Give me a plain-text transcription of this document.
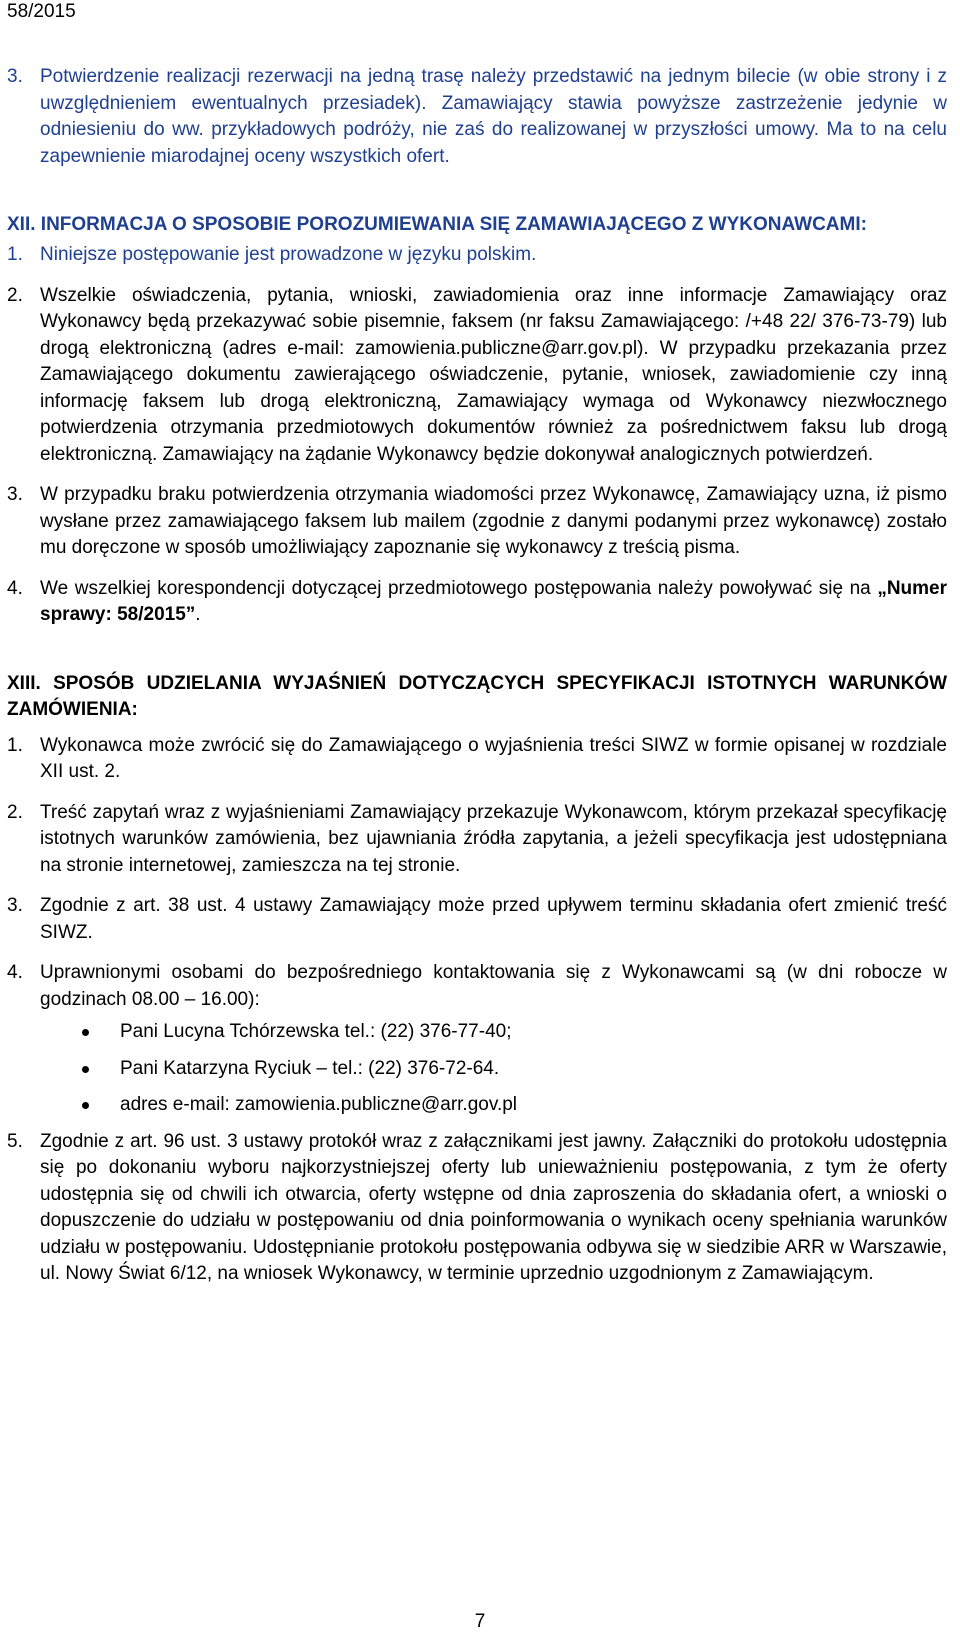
58/2015
3. Potwierdzenie realizacji rezerwacji na jedną trasę należy przedstawić na jednym bilecie (w obie strony i z uwzględnieniem ewentualnych przesiadek). Zamawiający stawia powyższe zastrzeżenie jedynie w odniesieniu do ww. przykładowych podróży, nie zaś do realizowanej w przyszłości umowy. Ma to na celu zapewnienie miarodajnej oceny wszystkich ofert.
XII. INFORMACJA O SPOSOBIE POROZUMIEWANIA SIĘ ZAMAWIAJĄCEGO Z WYKONAWCAMI:
1. Niniejsze postępowanie jest prowadzone w języku polskim.
2. Wszelkie oświadczenia, pytania, wnioski, zawiadomienia oraz inne informacje Zamawiający oraz Wykonawcy będą przekazywać sobie pisemnie, faksem (nr faksu Zamawiającego: /+48 22/ 376-73-79) lub drogą elektroniczną (adres e-mail: zamowienia.publiczne@arr.gov.pl). W przypadku przekazania przez Zamawiającego dokumentu zawierającego oświadczenie, pytanie, wniosek, zawiadomienie czy inną informację faksem lub drogą elektroniczną, Zamawiający wymaga od Wykonawcy niezwłocznego potwierdzenia otrzymania przedmiotowych dokumentów również za pośrednictwem faksu lub drogą elektroniczną. Zamawiający na żądanie Wykonawcy będzie dokonywał analogicznych potwierdzeń.
3. W przypadku braku potwierdzenia otrzymania wiadomości przez Wykonawcę, Zamawiający uzna, iż pismo wysłane przez zamawiającego faksem lub mailem (zgodnie z danymi podanymi przez wykonawcę) zostało mu doręczone w sposób umożliwiający zapoznanie się wykonawcy z treścią pisma.
4. We wszelkiej korespondencji dotyczącej przedmiotowego postępowania należy powoływać się na „Numer sprawy: 58/2015”.
XIII. SPOSÓB UDZIELANIA WYJAŚNIEŃ DOTYCZĄCYCH SPECYFIKACJI ISTOTNYCH WARUNKÓW ZAMÓWIENIA:
1. Wykonawca może zwrócić się do Zamawiającego o wyjaśnienia treści SIWZ w formie opisanej w rozdziale XII ust. 2.
2. Treść zapytań wraz z wyjaśnieniami Zamawiający przekazuje Wykonawcom, którym przekazał specyfikację istotnych warunków zamówienia, bez ujawniania źródła zapytania, a jeżeli specyfikacja jest udostępniana na stronie internetowej, zamieszcza na tej stronie.
3. Zgodnie z art. 38 ust. 4 ustawy Zamawiający może przed upływem terminu składania ofert zmienić treść SIWZ.
4. Uprawnionymi osobami do bezpośredniego kontaktowania się z Wykonawcami są (w dni robocze w godzinach 08.00 – 16.00):
Pani Lucyna Tchórzewska tel.: (22) 376-77-40;
Pani Katarzyna Ryciuk – tel.: (22) 376-72-64.
adres e-mail: zamowienia.publiczne@arr.gov.pl
5. Zgodnie z art. 96 ust. 3 ustawy protokół wraz z załącznikami jest jawny. Załączniki do protokołu udostępnia się po dokonaniu wyboru najkorzystniejszej oferty lub unieważnieniu postępowania, z tym że oferty udostępnia się od chwili ich otwarcia, oferty wstępne od dnia zaproszenia do składania ofert, a wnioski o dopuszczenie do udziału w postępowaniu od dnia poinformowania o wynikach oceny spełniania warunków udziału w postępowaniu. Udostępnianie protokołu postępowania odbywa się w siedzibie ARR w Warszawie, ul. Nowy Świat 6/12, na wniosek Wykonawcy, w terminie uprzednio uzgodnionym z Zamawiającym.
7
